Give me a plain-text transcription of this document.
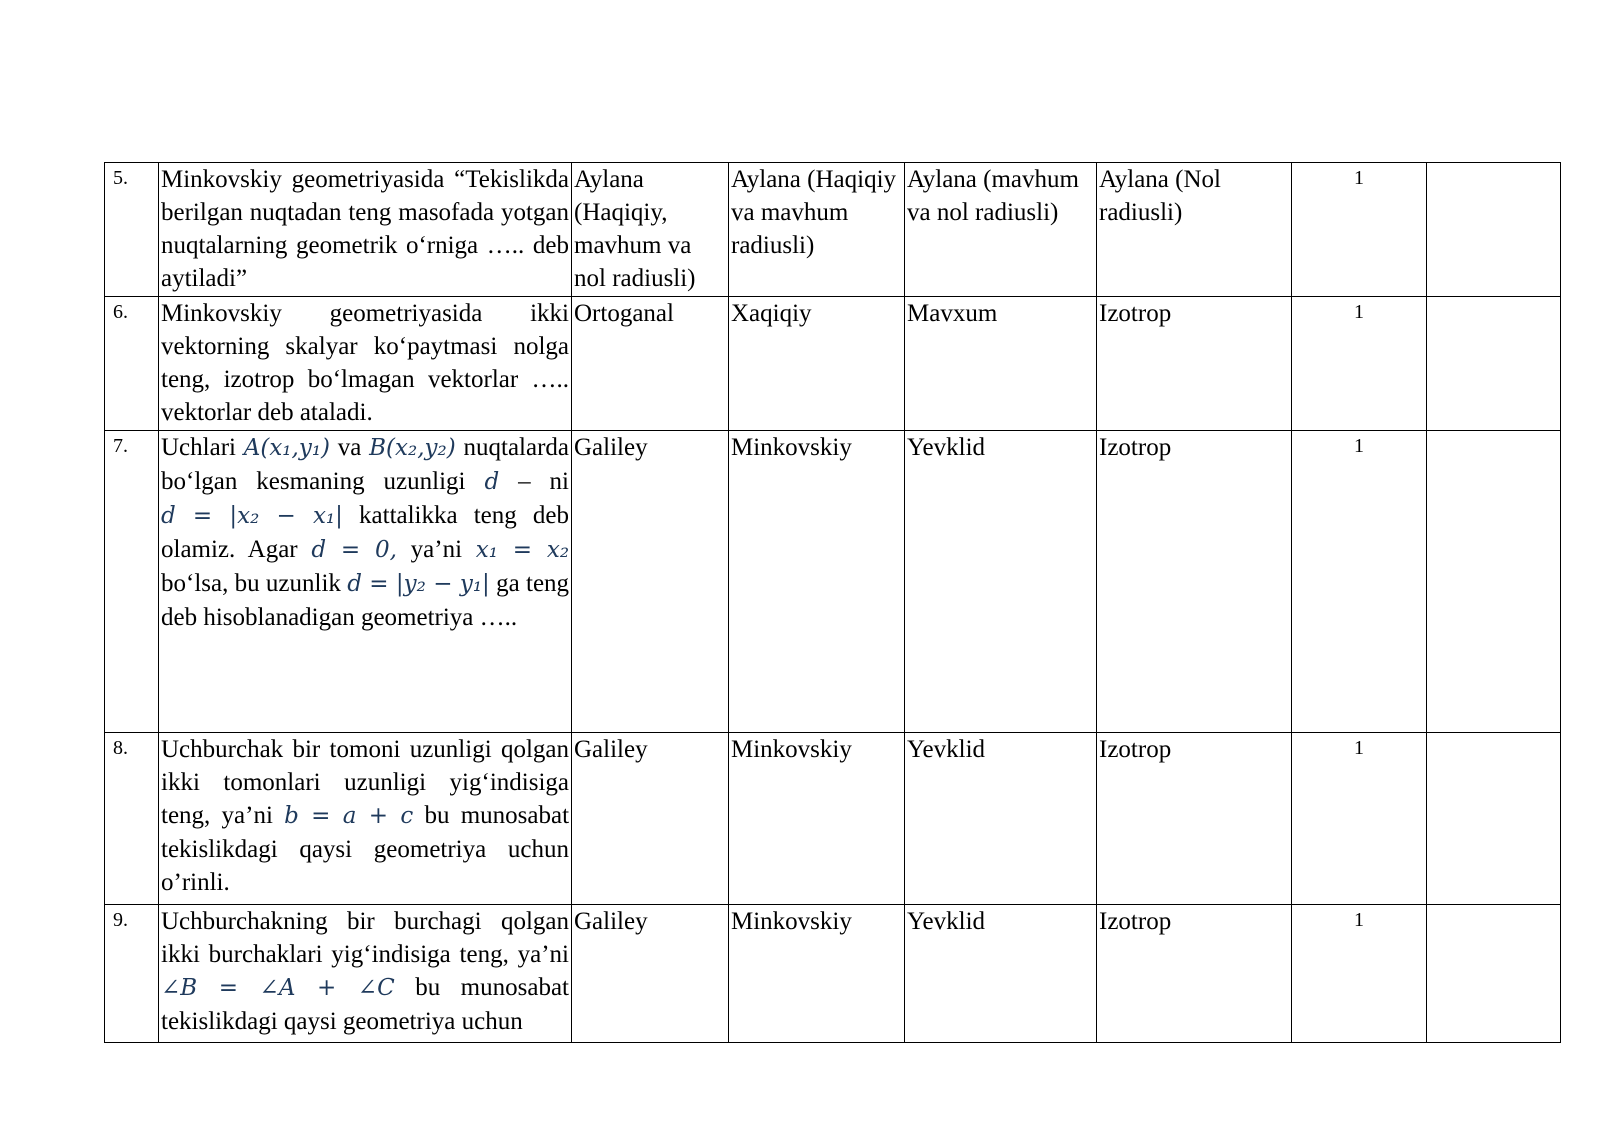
5.	Minkovskiy geometriyasida “Tekislikda berilgan nuqtadan teng masofada yotgan nuqtalarning geometrik o‘rniga ….. deb aytiladi”	Aylana (Haqiqiy, mavhum va nol radiusli)	Aylana (Haqiqiy va mavhum radiusli)	Aylana (mavhum va nol radiusli)	Aylana (Nol radiusli)	1	
6.	Minkovskiy geometriyasida ikki vektorning skalyar ko‘paytmasi nolga teng, izotrop bo‘lmagan vektorlar ….. vektorlar deb ataladi.	Ortoganal	Xaqiqiy	Mavxum	Izotrop	1	
7.	Uchlari A(x₁,y₁) va B(x₂,y₂) nuqtalarda bo‘lgan kesmaning uzunligi d – ni d = |x₂ − x₁| kattalikka teng deb olamiz. Agar d = 0, ya’ni x₁ = x₂ bo‘lsa, bu uzunlik d = |y₂ − y₁| ga teng deb hisoblanadigan geometriya …..	Galiley	Minkovskiy	Yevklid	Izotrop	1	
8.	Uchburchak bir tomoni uzunligi qolgan ikki tomonlari uzunligi yig‘indisiga teng, ya’ni b = a + c bu munosabat tekislikdagi qaysi geometriya uchun o’rinli.	Galiley	Minkovskiy	Yevklid	Izotrop	1	
9.	Uchburchakning bir burchagi qolgan ikki burchaklari yig‘indisiga teng, ya’ni ∠B = ∠A + ∠C bu munosabat tekislikdagi qaysi geometriya uchun	Galiley	Minkovskiy	Yevklid	Izotrop	1	
